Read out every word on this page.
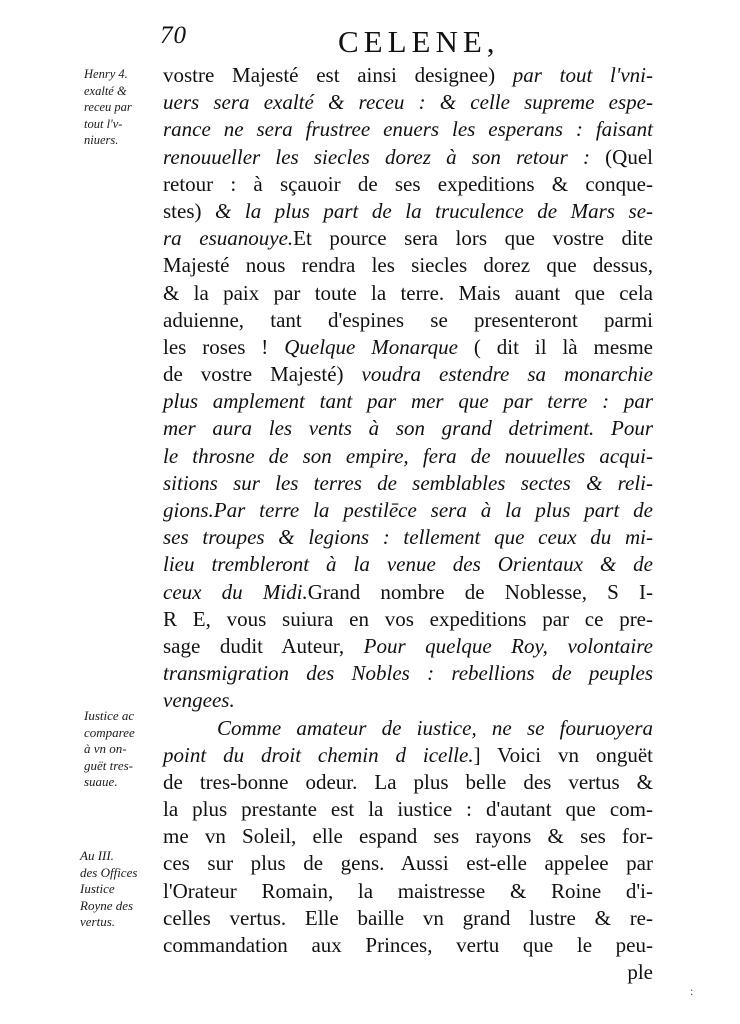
70	CELENE,
vostre Majesté est ainsi designee) par tout l'vni-
uers sera exalté & receu : & celle supreme espe-
rance ne sera frustree enuers les esperans : faisant
renouueller les siecles dorez à son retour : (Quel
retour : à sçauoir de ses expeditions & conque-
stes) & la plus part de la truculence de Mars se-
ra esuanouye.Et pource sera lors que vostre dite
Majesté nous rendra les siecles dorez que dessus,
& la paix par toute la terre. Mais auant que cela
aduienne, tant d'espines se presenteront parmi
les roses ! Quelque Monarque ( dit il là mesme
de vostre Majesté) voudra estendre sa monarchie
plus amplement tant par mer que par terre : par
mer aura les vents à son grand detriment. Pour
le throsne de son empire, fera de nouuelles acqui-
sitions sur les terres de semblables sectes & reli-
gions.Par terre la pestilēce sera à la plus part de
ses troupes & legions : tellement que ceux du mi-
lieu trembleront à la venue des Orientaux & de
ceux du Midi.Grand nombre de Noblesse, S I-
R E, vous suiura en vos expeditions par ce pre-
sage dudit Auteur, Pour quelque Roy, volontaire
transmigration des Nobles : rebellions de peuples
vengees.
Comme amateur de iustice, ne se fouruoyera
point du droit chemin d icelle.] Voici vn onguët
de tres-bonne odeur. La plus belle des vertus &
la plus prestante est la iustice : d'autant que com-
me vn Soleil, elle espand ses rayons & ses for-
ces sur plus de gens. Aussi est-elle appelee par
l'Orateur Romain, la maistresse & Roine d'i-
celles vertus. Elle baille vn grand lustre & re-
commandation aux Princes, vertu que le peu-
ple
Henry 4.
exalté &
receu par
tout l'v-
niuers.
Iustice ac
comparee
à vn on-
guët tres-
suaue.
Au III.
des Offices
Iustice
Royne des
vertus.
:
